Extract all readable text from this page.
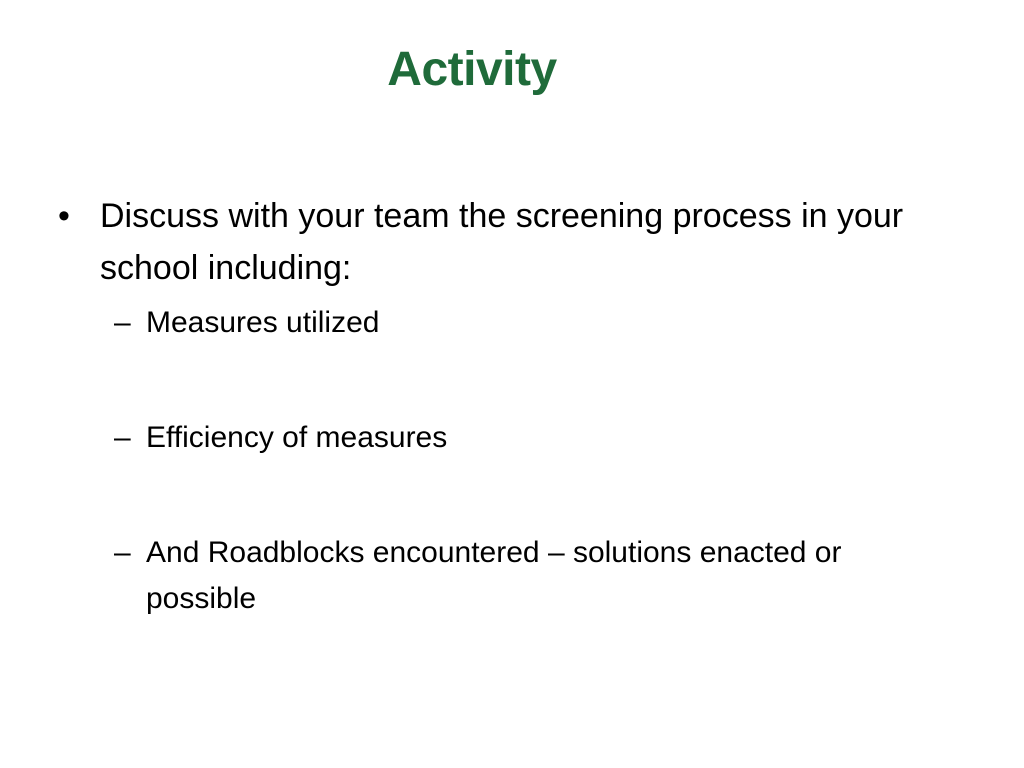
Activity
• Discuss with your team the screening process in your school including:
– Measures utilized
– Efficiency of measures
– And Roadblocks encountered – solutions enacted or possible
